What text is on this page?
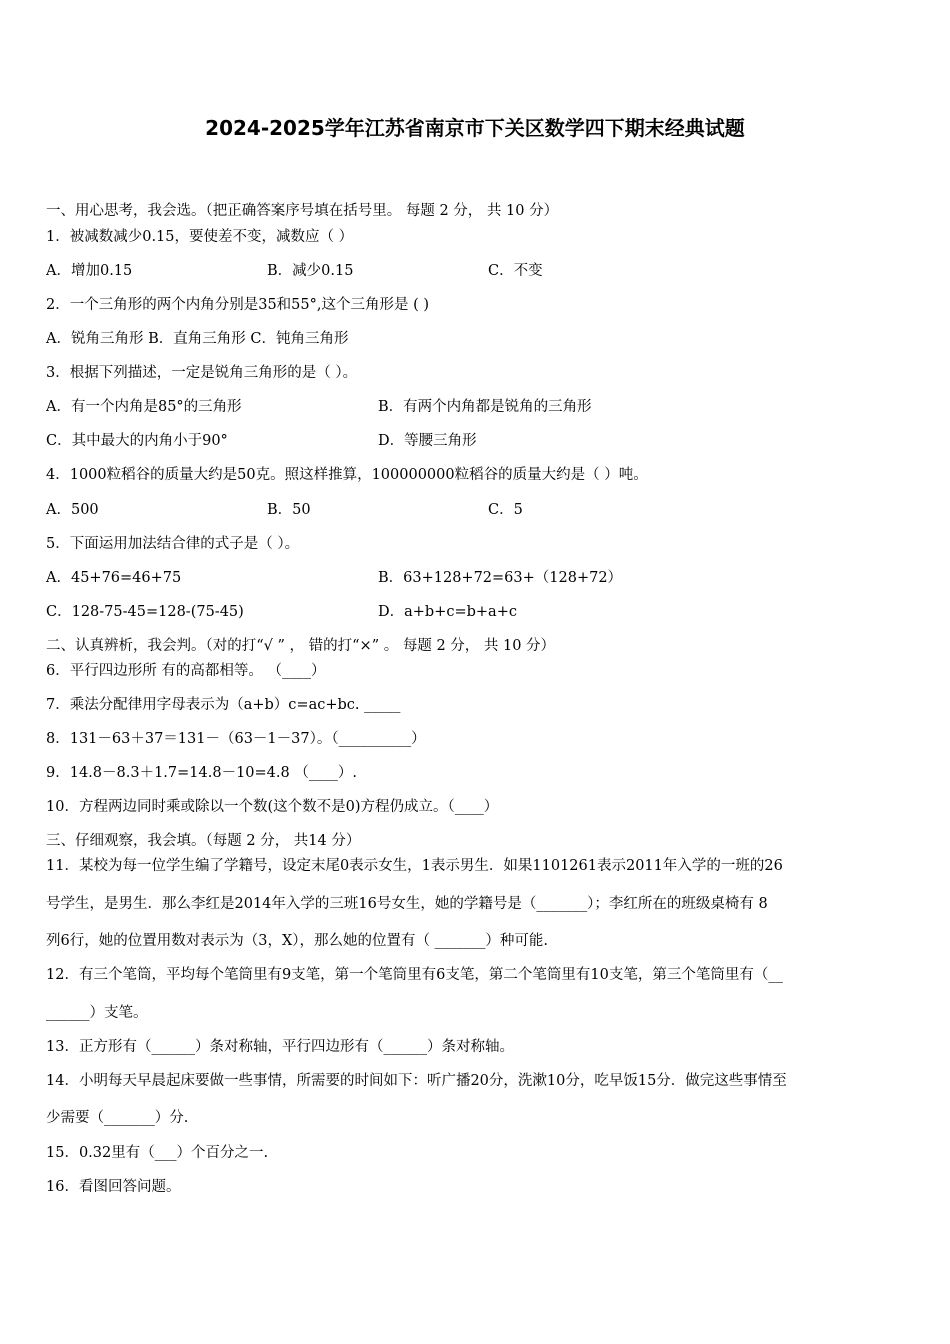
2024-2025学年江苏省南京市下关区数学四下期末经典试题
一、用心思考，我会选。（把正确答案序号填在括号里。 每题 2 分， 共 10 分）
1．被减数减少0.15，要使差不变，减数应（ ）
A．增加0.15	B．减少0.15	C．不变
2．一个三角形的两个内角分别是35和55°,这个三角形是 ( )
A．锐角三角形 B．直角三角形 C．钝角三角形
3．根据下列描述，一定是锐角三角形的是（ ）。
A．有一个内角是85°的三角形	B．有两个内角都是锐角的三角形
C．其中最大的内角小于90°	D．等腰三角形
4．1000粒稻谷的质量大约是50克。照这样推算，100000000粒稻谷的质量大约是（ ）吨。
A．500	B．50	C．5
5．下面运用加法结合律的式子是（ ）。
A．45+76=46+75	B．63+128+72=63+（128+72）
C．128-75-45=128-(75-45)	D．a+b+c=b+a+c
二、认真辨析，我会判。（对的打“√ ” ， 错的打“×” 。 每题 2 分， 共 10 分）
6．平行四边形所 有的高都相等。 （____）
7．乘法分配律用字母表示为（a+b）c=ac+bc. _____
8．131－63＋37＝131－（63－1－37）。（__________）
9．14.8－8.3＋1.7=14.8－10=4.8 （____）.
10．方程两边同时乘或除以一个数(这个数不是0)方程仍成立。（____）
三、仔细观察，我会填。（每题 2 分， 共14 分）
11．某校为每一位学生编了学籍号，设定末尾0表示女生，1表示男生．如果1101261表示2011年入学的一班的26
号学生，是男生．那么李红是2014年入学的三班16号女生，她的学籍号是（_______）；李红所在的班级桌椅有 8
列6行，她的位置用数对表示为（3，X），那么她的位置有（ _______）种可能.
12．有三个笔筒，平均每个笔筒里有9支笔，第一个笔筒里有6支笔，第二个笔筒里有10支笔，第三个笔筒里有（__
______）支笔。
13．正方形有（______）条对称轴，平行四边形有（______）条对称轴。
14．小明每天早晨起床要做一些事情，所需要的时间如下：听广播20分，洗漱10分，吃早饭15分．做完这些事情至
少需要（_______）分.
15．0.32里有（___）个百分之一.
16．看图回答问题。
